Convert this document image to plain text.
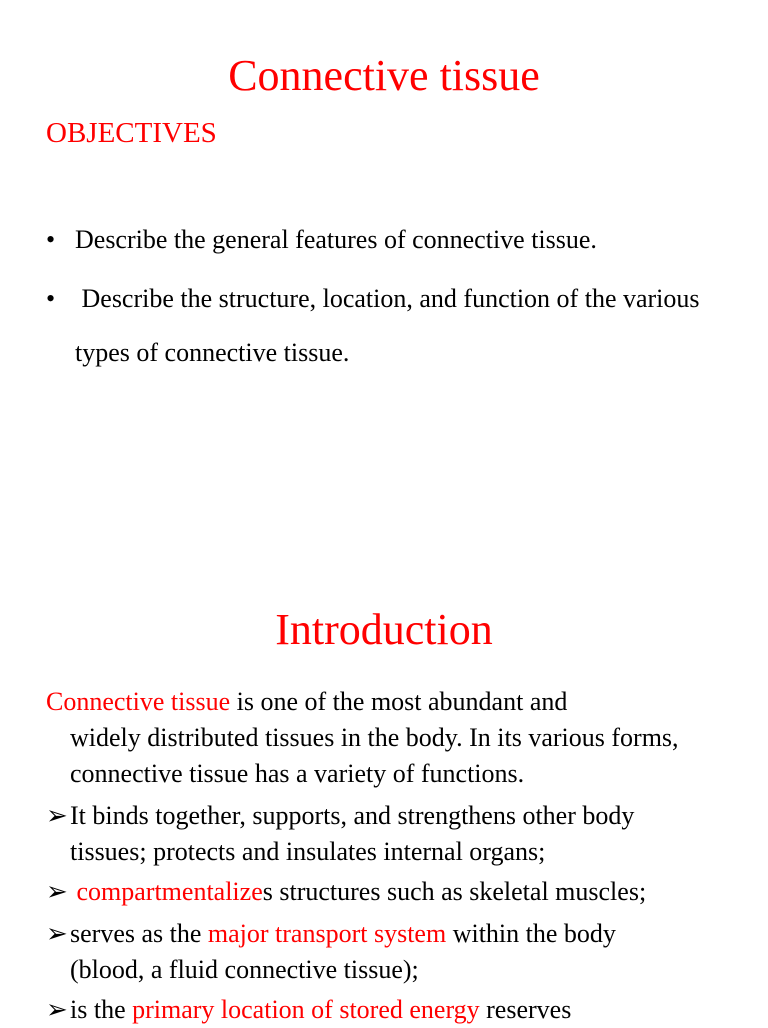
Connective tissue
OBJECTIVES
• Describe the general features of connective tissue.
• Describe the structure, location, and function of the various types of connective tissue.
Introduction
Connective tissue is one of the most abundant and
widely distributed tissues in the body. In its various forms, connective tissue has a variety of functions.
➢It binds together, supports, and strengthens other body
tissues; protects and insulates internal organs;
➢ compartmentalizes structures such as skeletal muscles;
➢serves as the major transport system within the body
(blood, a fluid connective tissue);
➢is the primary location of stored energy reserves
